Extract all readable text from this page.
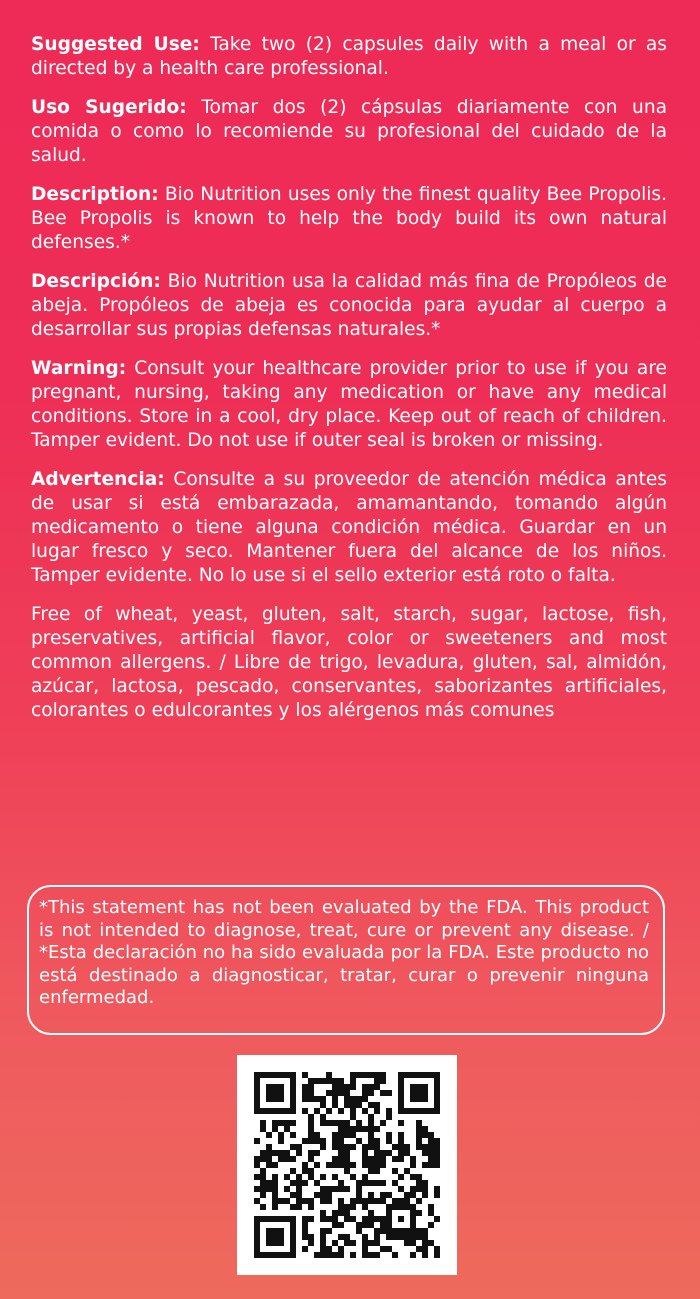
Suggested Use: Take two (2) capsules daily with a meal or as directed by a health care professional.

Uso Sugerido: Tomar dos (2) cápsulas diariamente con una comida o como lo recomiende su profesional del cuidado de la salud.

Description: Bio Nutrition uses only the finest quality Bee Propolis. Bee Propolis is known to help the body build its own natural defenses.*

Descripción: Bio Nutrition usa la calidad más fina de Propóleos de abeja. Propóleos de abeja es conocida para ayudar al cuerpo a desarrollar sus propias defensas naturales.*

Warning: Consult your healthcare provider prior to use if you are pregnant, nursing, taking any medication or have any medical conditions. Store in a cool, dry place. Keep out of reach of children. Tamper evident. Do not use if outer seal is broken or missing.

Advertencia: Consulte a su proveedor de atención médica antes de usar si está embarazada, amamantando, tomando algún medicamento o tiene alguna condición médica. Guardar en un lugar fresco y seco. Mantener fuera del alcance de los niños. Tamper evidente. No lo use si el sello exterior está roto o falta.

Free of wheat, yeast, gluten, salt, starch, sugar, lactose, fish, preservatives, artificial flavor, color or sweeteners and most common allergens. / Libre de trigo, levadura, gluten, sal, almidón, azúcar, lactosa, pescado, conservantes, saborizantes artificiales, colorantes o edulcorantes y los alérgenos más comunes

*This statement has not been evaluated by the FDA. This product is not intended to diagnose, treat, cure or prevent any disease. / *Esta declaración no ha sido evaluada por la FDA. Este producto no está destinado a diagnosticar, tratar, curar o prevenir ninguna enfermedad.
